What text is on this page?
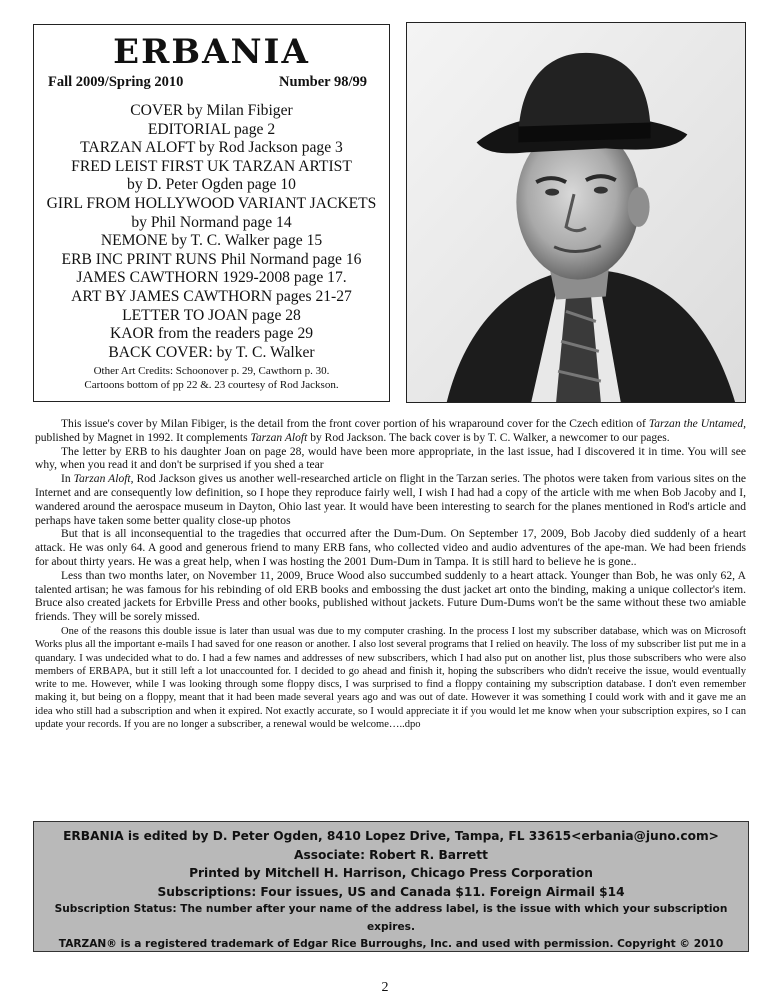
ERBANIA
Fall 2009/Spring 2010	Number 98/99
COVER by Milan Fibiger
EDITORIAL page 2
TARZAN ALOFT by Rod Jackson page 3
FRED LEIST FIRST UK TARZAN ARTIST
by D. Peter Ogden page 10
GIRL FROM HOLLYWOOD VARIANT JACKETS
by Phil Normand page 14
NEMONE by T. C. Walker page 15
ERB INC PRINT RUNS Phil Normand page 16
JAMES CAWTHORN 1929-2008 page 17.
ART BY JAMES CAWTHORN pages 21-27
LETTER TO JOAN page 28
KAOR from the readers page 29
BACK COVER: by T. C. Walker
Other Art Credits: Schoonover p. 29, Cawthorn p. 30.
Cartoons bottom of pp 22 &. 23 courtesy of Rod Jackson.

This issue's cover by Milan Fibiger, is the detail from the front cover portion of his wraparound cover for the Czech edition of Tarzan the Untamed, published by Magnet in 1992. It complements Tarzan Aloft by Rod Jackson. The back cover is by T. C. Walker, a newcomer to our pages.

The letter by ERB to his daughter Joan on page 28, would have been more appropriate, in the last issue, had I discovered it in time. You will see why, when you read it and don't be surprised if you shed a tear

In Tarzan Aloft, Rod Jackson gives us another well-researched article on flight in the Tarzan series. The photos were taken from various sites on the Internet and are consequently low definition, so I hope they reproduce fairly well, I wish I had had a copy of the article with me when Bob Jacoby and I, wandered around the aerospace museum in Dayton, Ohio last year. It would have been interesting to search for the planes mentioned in Rod's article and perhaps have taken some better quality close-up photos

But that is all inconsequential to the tragedies that occurred after the Dum-Dum. On September 17, 2009, Bob Jacoby died suddenly of a heart attack. He was only 64. A good and generous friend to many ERB fans, who collected video and audio adventures of the ape-man. We had been friends for about thirty years. He was a great help, when I was hosting the 2001 Dum-Dum in Tampa. It is still hard to believe he is gone..

Less than two months later, on November 11, 2009, Bruce Wood also succumbed suddenly to a heart attack. Younger than Bob, he was only 62, A talented artisan; he was famous for his rebinding of old ERB books and embossing the dust jacket art onto the binding, making a unique collector's item. Bruce also created jackets for Erbville Press and other books, published without jackets. Future Dum-Dums won't be the same without these two amiable friends. They will be sorely missed.

One of the reasons this double issue is later than usual was due to my computer crashing. In the process I lost my subscriber database, which was on Microsoft Works plus all the important e-mails I had saved for one reason or another. I also lost several programs that I relied on heavily. The loss of my subscriber list put me in a quandary. I was undecided what to do. I had a few names and addresses of new subscribers, which I had also put on another list, plus those subscribers who were also members of ERBAPA, but it still left a lot unaccounted for. I decided to go ahead and finish it, hoping the subscribers who didn't receive the issue, would eventually write to me. However, while I was looking through some floppy discs, I was surprised to find a floppy containing my subscription database. I don't even remember making it, but being on a floppy, meant that it had been made several years ago and was out of date. However it was something I could work with and it gave me an idea who still had a subscription and when it expired. Not exactly accurate, so I would appreciate it if you would let me know when your subscription expires, so I can update your records. If you are no longer a subscriber, a renewal would be welcome…..dpo

ERBANIA is edited by D. Peter Ogden, 8410 Lopez Drive, Tampa, FL 33615<erbania@juno.com>
Associate: Robert R. Barrett
Printed by Mitchell H. Harrison, Chicago Press Corporation
Subscriptions: Four issues, US and Canada $11. Foreign Airmail $14
Subscription Status: The number after your name of the address label, is the issue with which your subscription expires.
TARZAN® is a registered trademark of Edgar Rice Burroughs, Inc. and used with permission. Copyright © 2010
2
